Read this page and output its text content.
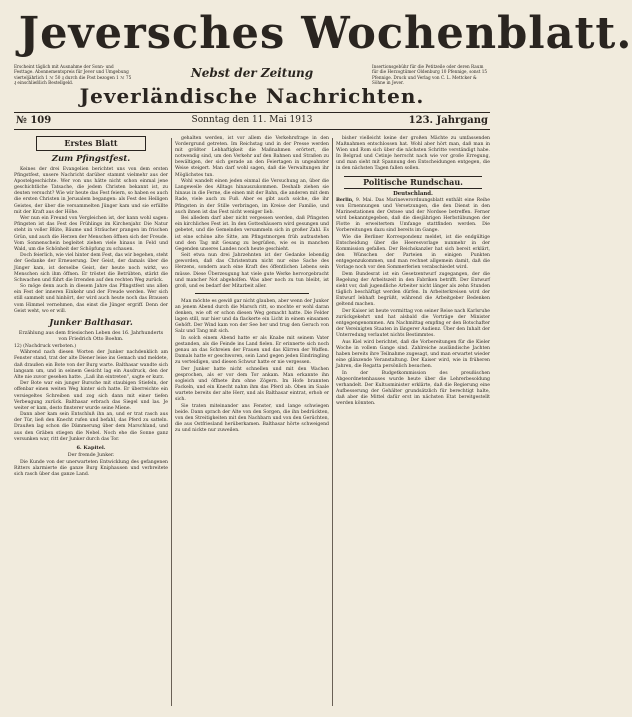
Jeversches Wochenblatt.
Erscheint täglich mit Ausnahme der Sonn- und Festtage. Abonnementspreis für Jever und Umgebung vierteljährlich 1 ℳ 50 ₰ durch die Post bezogen 1 ℳ 75 ₰ einschließlich Bestellgeld.
Nebst der Zeitung	Insertionsgebühr für die Petitzeile oder deren Raum für die Herzogtümer Oldenburg 10 Pfennige, sonst 15 Pfennige. Druck und Verlag von C. L. Mettcker & Söhne in Jever.
Jeverländische Nachrichten.
№ 109	Sonntag den 11. Mai 1913	123. Jahrgang
Erstes Blatt
Zum Pfingstfest.

Keines der drei Evangelien berichtet uns von dem ersten Pfingstfest, unsere Nachricht darüber stammt vielmehr aus der Apostelgeschichte. Wer von uns hätte nicht schon einmal jene geschichtliche Tatsache, die jedem Christen bekannt ist, zu deuten versucht? Wie wir heute das Fest feiern, so haben es auch die ersten Christen in Jerusalem begangen: als Fest des Heiligen Geistes, der über die versammelten Jünger kam und sie erfüllte mit der Kraft aus der Höhe.

Wer nun ein Freund von Vergleichen ist, der kann wohl sagen: Pfingsten ist das Fest des Frühlings im Kirchenjahr. Die Natur steht in voller Blüte, Bäume und Sträucher prangen im frischen Grün, und auch die Herzen der Menschen öffnen sich der Freude. Vom Sonnenschein begleitet ziehen viele hinaus in Feld und Wald, um die Schönheit der Schöpfung zu schauen.

Doch feierlich, wie viel hinter dem Fest, das wir begehen, steht der Gedanke der Erneuerung. Der Geist, der damals über die Jünger kam, ist derselbe Geist, der heute noch wirkt, wo Menschen sich ihm öffnen. Er tröstet die Betrübten, stärkt die Schwachen und führt die Irrenden auf den rechten Weg zurück.

So möge denn auch in diesem Jahre das Pfingstfest uns allen ein Fest der inneren Einkehr und der Freude werden. Wer sich still sammelt und hinhört, der wird auch heute noch das Brausen vom Himmel vernehmen, das einst die Jünger ergriff. Denn der Geist weht, wo er will.

Junker Balthasar.
Erzählung aus dem friesischen Leben des 16. Jahrhunderts von Friedrich Otto Boehm.

12) (Nachdruck verboten.)

Während nach diesen Worten der Junker nachdenklich am Fenster stand, trat der alte Diener leise ins Gemach und meldete, daß draußen ein Bote von der Burg warte. Balthasar wandte sich langsam um, und in seinem Gesicht lag ein Ausdruck, den der Alte nie zuvor gesehen hatte. „Laß ihn eintreten“, sagte er kurz.

Der Bote war ein junger Bursche mit staubigen Stiefeln, der offenbar einen weiten Weg hinter sich hatte. Er überreichte ein versiegeltes Schreiben und zog sich dann mit einer tiefen Verbeugung zurück. Balthasar erbrach das Siegel und las. Je weiter er kam, desto finsterer wurde seine Miene.

Dann aber kam sein Entschluß ihn an, und er trat rasch aus der Tür, ließ den Knecht rufen und befahl, das Pferd zu satteln. Draußen lag schon die Dämmerung über dem Marschland, und aus den Gräben stiegen die Nebel. Noch ehe die Sonne ganz versunken war, ritt der Junker durch das Tor.

6. Kapitel.
Der fremde Junker.

Die Kunde von der unerwarteten Entwicklung des gefangenen Ritters alarmierte die ganze Burg Kniphausen und verbreitete sich rasch über das ganze Land.

gehalten werden, ist vor allem die Verkehrsfrage in den Vordergrund getreten. Im Reichstag und in der Presse werden mit größter Lebhaftigkeit die Maßnahmen erörtert, die notwendig sind, um den Verkehr auf den Bahnen und Straßen zu bewältigen, der sich gerade an den Feiertagen in ungeahnter Weise steigert. Man darf wohl sagen, daß die Verwaltungen ihr Möglichstes tun.

Wohl wandelt einen jeden einmal die Versuchung an, über die Langeweile des Alltags hinauszukommen. Deshalb ziehen sie hinaus in die Ferne, die einen mit der Bahn, die anderen mit dem Rade, viele auch zu Fuß. Aber es gibt auch solche, die ihr Pfingsten in der Stille verbringen, im Kreise der Familie, und auch ihnen ist das Fest nicht weniger lieb.

Bei alledem darf aber nicht vergessen werden, daß Pfingsten ein kirchliches Fest ist. In den Gotteshäusern wird gesungen und gebetet, und die Gemeinden versammeln sich in großer Zahl. Es ist eine schöne alte Sitte, am Pfingstmorgen früh aufzustehen und den Tag mit Gesang zu begrüßen, wie es in manchen Gegenden unseres Landes noch heute geschieht.

Seit etwa nun drei Jahrzehnten ist der Gedanke lebendig geworden, daß das Christentum nicht nur eine Sache des Herzens, sondern auch eine Kraft des öffentlichen Lebens sein müsse. Diese Überzeugung hat viele gute Werke hervorgebracht und mancher Not abgeholfen. Was aber noch zu tun bleibt, ist groß, und es bedarf der Mitarbeit aller.

Man möchte es gewiß gar nicht glauben, aber wenn der Junker an jenem Abend durch die Marsch ritt, so mochte er wohl daran denken, wie oft er schon diesen Weg gemacht hatte. Die Felder lagen still, nur hier und da flackerte ein Licht in einem einsamen Gehöft. Der Wind kam von der See her und trug den Geruch von Salz und Tang mit sich.

In solch einem Abend hatte er als Knabe mit seinem Vater gestanden, als die Feinde ins Land fielen. Er erinnerte sich noch genau an das Schreien der Frauen und das Klirren der Waffen. Damals hatte er geschworen, sein Land gegen jeden Eindringling zu verteidigen, und diesen Schwur hatte er nie vergessen.

Der Junker hatte nicht schnellen und mit den Wachen gesprochen, als er vor dem Tor ankam. Man erkannte ihn sogleich und öffnete ihm ohne Zögern. Im Hofe brannten Fackeln, und ein Knecht nahm ihm das Pferd ab. Oben im Saale wartete bereits der alte Herr, und als Balthasar eintrat, erhob er sich.

Sie traten miteinander ans Fenster, und lange schwiegen beide. Dann sprach der Alte von den Sorgen, die ihn bedrückten, von den Streitigkeiten mit den Nachbarn und von den Gerüchten, die aus Ostfriesland herüberkamen. Balthasar hörte schweigend zu und nickte nur zuweilen.

bisher vielleicht keine der großen Mächte zu umfassenden Maßnahmen entschlossen hat. Wohl aber hört man, daß man in Wien und Rom sich über die nächsten Schritte verständigt habe. In Belgrad und Cetinje herrscht nach wie vor große Erregung, und man sieht mit Spannung den Entscheidungen entgegen, die in den nächsten Tagen fallen sollen.

Politische Rundschau.
Deutschland.

Berlin, 9. Mai. Das Marineverordnungsblatt enthält eine Reihe von Ernennungen und Versetzungen, die den Dienst in den Marinestationen der Ostsee und der Nordsee betreffen. Ferner wird bekanntgegeben, daß die diesjährigen Herbstübungen der Flotte in erweitertem Umfange stattfinden werden. Die Vorbereitungen dazu sind bereits im Gange.

Wie die Berliner Korrespondenz meldet, ist die endgültige Entscheidung über die Heeresvorlage nunmehr in der Kommission gefallen. Der Reichskanzler hat sich bereit erklärt, den Wünschen der Parteien in einigen Punkten entgegenzukommen, und man rechnet allgemein damit, daß die Vorlage noch vor den Sommerferien verabschiedet wird.

Dem Bundesrat ist ein Gesetzentwurf zugegangen, der die Regelung der Arbeitszeit in den Fabriken betrifft. Der Entwurf sieht vor, daß jugendliche Arbeiter nicht länger als zehn Stunden täglich beschäftigt werden dürfen. In Arbeiterkreisen wird der Entwurf lebhaft begrüßt, während die Arbeitgeber Bedenken geltend machen.

Der Kaiser ist heute vormittag von seiner Reise nach Karlsruhe zurückgekehrt und hat alsbald die Vorträge der Minister entgegengenommen. Am Nachmittag empfing er den Botschafter der Vereinigten Staaten in längerer Audienz. Über den Inhalt der Unterredung verlautet nichts Bestimmtes.

Aus Kiel wird berichtet, daß die Vorbereitungen für die Kieler Woche in vollem Gange sind. Zahlreiche ausländische Jachten haben bereits ihre Teilnahme zugesagt, und man erwartet wieder eine glänzende Veranstaltung. Der Kaiser wird, wie in früheren Jahren, die Regatta persönlich besuchen.

In der Budgetkommission des preußischen Abgeordnetenhauses wurde heute über die Lehrerbesoldung verhandelt. Der Kultusminister erklärte, daß die Regierung eine Aufbesserung der Gehälter grundsätzlich für berechtigt halte, daß aber die Mittel dafür erst im nächsten Etat bereitgestellt werden könnten.
